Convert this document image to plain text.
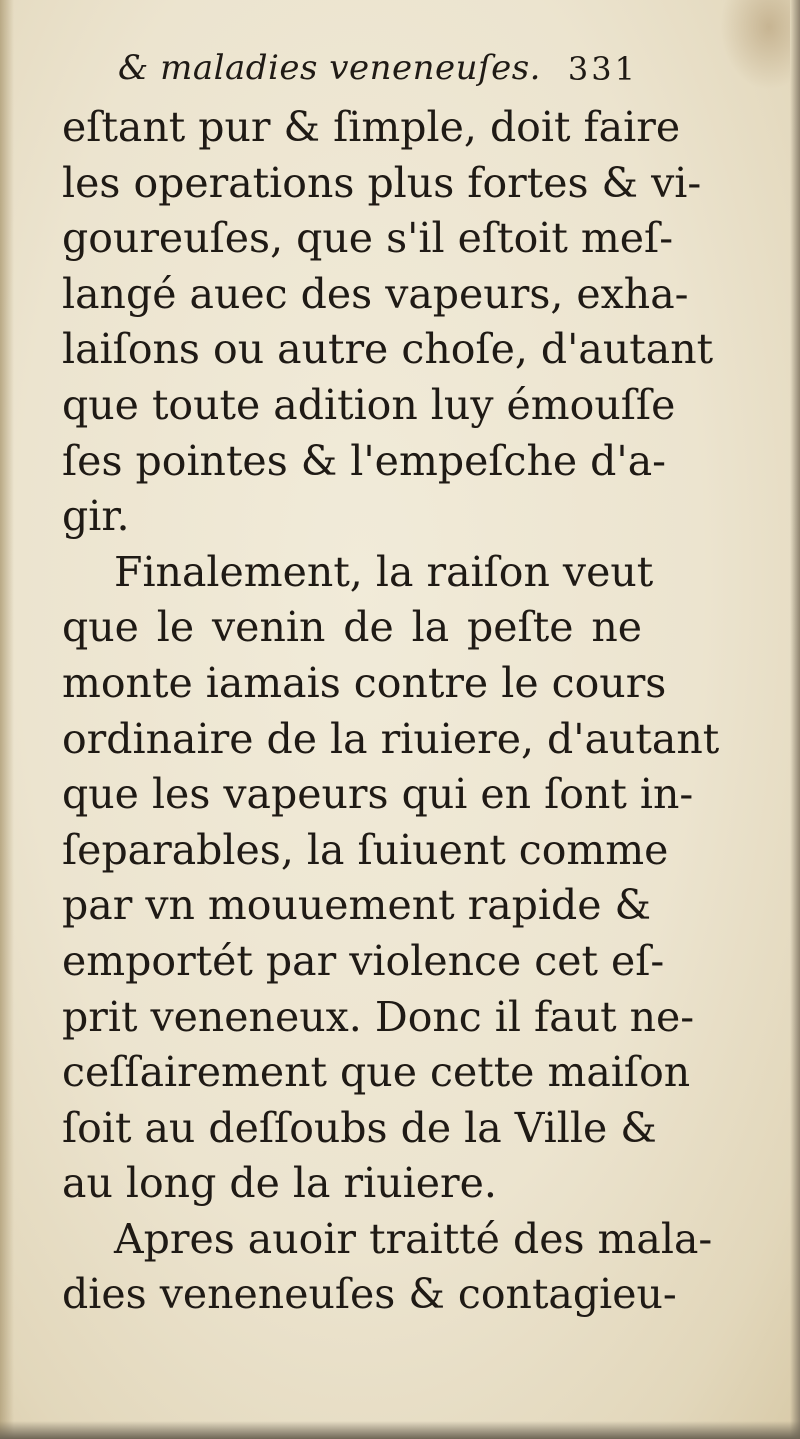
& maladies veneneuſes. 331
eſtant pur & ſimple, doit faire
les operations plus fortes & vi-
goureuſes, que s'il eſtoit meſ-
langé auec des vapeurs, exha-
laiſons ou autre choſe, d'autant
que toute adition luy émouſſe
ſes pointes & l'empeſche d'a-
gir.
Finalement, la raiſon veut
que le venin de la peſte ne
monte iamais contre le cours
ordinaire de la riuiere, d'autant
que les vapeurs qui en ſont in-
ſeparables, la ſuiuent comme
par vn mouuement rapide &
emportét par violence cet eſ-
prit veneneux. Donc il faut ne-
ceſſairement que cette maiſon
ſoit au deſſoubs de la Ville &
au long de la riuiere.
Apres auoir traitté des mala-
dies veneneuſes & contagieu-
